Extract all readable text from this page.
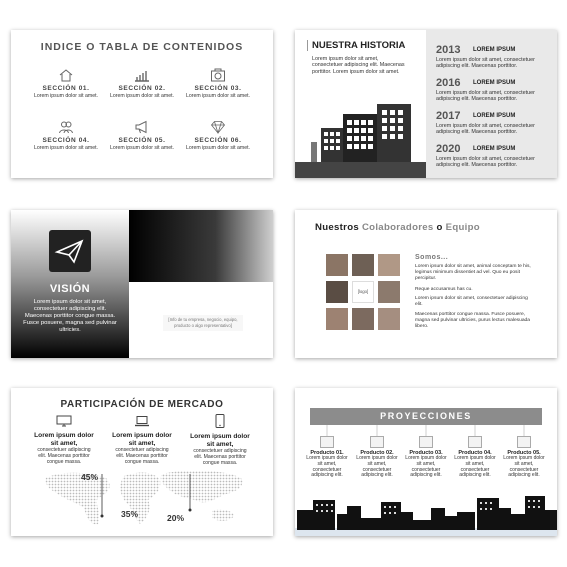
INDICE O TABLA DE CONTENIDOS
SECCIÓN 01.
Lorem ipsum dolor sit amet.
SECCIÓN 02.
Lorem ipsum dolor sit amet.
SECCIÓN 03.
Lorem ipsum dolor sit amet.
SECCIÓN 04.
Lorem ipsum dolor sit amet.
SECCIÓN 05.
Lorem ipsum dolor sit amet.
SECCIÓN 06.
Lorem ipsum dolor sit amet.
NUESTRA HISTORIA
Lorem ipsum dolor sit amet, consectetuer adipiscing elit. Maecenas porttitor. Lorem ipsum dolor sit amet.
2013 LOREM IPSUM
Lorem ipsum dolor sit amet, consectetuer adipiscing elit. Maecenas porttitor.
2016 LOREM IPSUM
Lorem ipsum dolor sit amet, consectetuer adipiscing elit. Maecenas porttitor.
2017 LOREM IPSUM
Lorem ipsum dolor sit amet, consectetuer adipiscing elit. Maecenas porttitor.
2020 LOREM IPSUM
Lorem ipsum dolor sit amet, consectetuer adipiscing elit. Maecenas porttitor.
VISIÓN
Lorem ipsum dolor sit amet, consectetuer adipiscing elit. Maecenas porttitor congue massa. Fusce posuere, magna sed pulvinar ultricies.
[Info de tu empresa, negocio, equipo, producto o algo representativo]
Nuestros Colaboradores o Equipo
[logo]
Somos...
Lorem ipsum dolor sit amet, animal conceptam te his, legimus minimum dissentiet ad vel. Quo eu posit percipitur.
Reque accusamus has cu.
Lorem ipsum dolor sit amet, consectetuer adipiscing elit.
Maecenas porttitor congue massa. Fusce posuere, magna sed pulvinar ultricies, purus lectus malesuada libero.
PARTICIPACIÓN DE MERCADO
Lorem ipsum dolor sit amet,
consectetuer adipiscing elit. Maecenas porttitor congue massa.
Lorem ipsum dolor sit amet,
consectetuer adipiscing elit. Maecenas porttitor congue massa.
Lorem ipsum dolor sit amet,
consectetuer adipiscing elit. Maecenas porttitor congue massa.
45%
35%	20%
PROYECCIONES
Producto 01.
Lorem ipsum dolor sit amet, consectetuer adipiscing elit.
Producto 02.
Lorem ipsum dolor sit amet, consectetuer adipiscing elit.
Producto 03.
Lorem ipsum dolor sit amet, consectetuer adipiscing elit.
Producto 04.
Lorem ipsum dolor sit amet, consectetuer adipiscing elit.
Producto 05.
Lorem ipsum dolor sit amet, consectetuer adipiscing elit.
